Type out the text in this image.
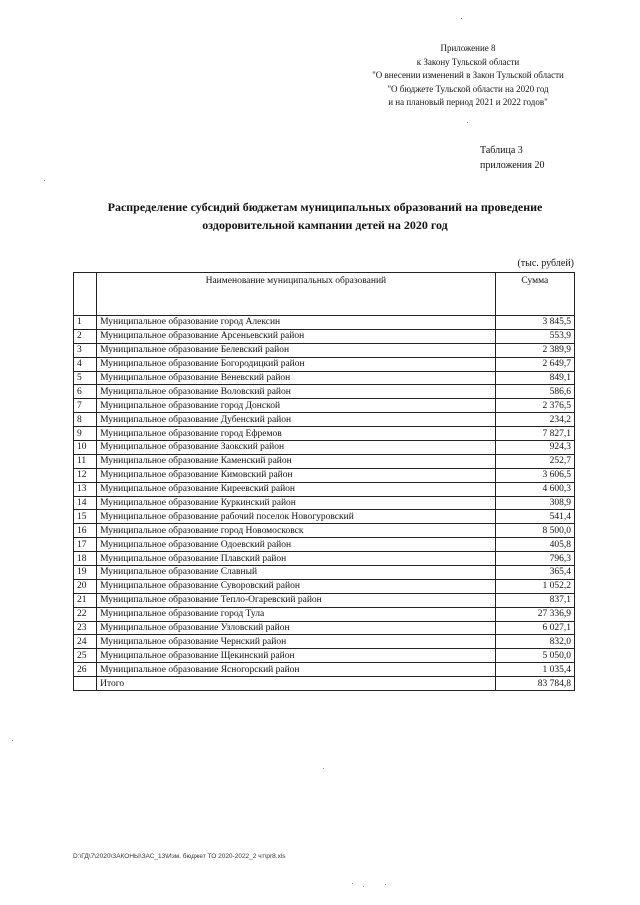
Приложение 8
к Закону Тульской области
"О внесении изменений в Закон Тульской области
"О бюджете Тульской области на 2020 год
и на плановый период 2021 и 2022 годов"
Таблица 3
приложения 20
Распределение субсидий бюджетам муниципальных образований на проведение
оздоровительной кампании детей на 2020 год
(тыс. рублей)
	Наименование муниципальных образований	Сумма
1	Муниципальное образование город Алексин	3 845,5
2	Муниципальное образование Арсеньевский район	553,9
3	Муниципальное образование Белевский район	2 389,9
4	Муниципальное образование Богородицкий район	2 649,7
5	Муниципальное образование Веневский район	849,1
6	Муниципальное образование Воловский район	586,6
7	Муниципальное образование город Донской	2 376,5
8	Муниципальное образование Дубенский район	234,2
9	Муниципальное образование город Ефремов	7 827,1
10	Муниципальное образование Заокский район	924,3
11	Муниципальное образование Каменский район	252,7
12	Муниципальное образование Кимовский район	3 606,5
13	Муниципальное образование Киреевский район	4 600,3
14	Муниципальное образование Куркинский район	308,9
15	Муниципальное образование рабочий поселок Новогуровский	541,4
16	Муниципальное образование город Новомосковск	8 500,0
17	Муниципальное образование Одоевский район	405,8
18	Муниципальное образование Плавский район	796,3
19	Муниципальное образование Славный	365,4
20	Муниципальное образование Суворовский район	1 052,2
21	Муниципальное образование Тепло-Огаревский район	837,1
22	Муниципальное образование город Тула	27 336,9
23	Муниципальное образование Узловский район	6 027,1
24	Муниципальное образование Чернский район	832,0
25	Муниципальное образование Щекинский район	5 050,0
26	Муниципальное образование Ясногорский район	1 035,4
	Итого	83 784,8
D:\ГД\7\2020\ЗАКОНЫ\ЗАС_13\Изм. бюджет ТО 2020-2022_2 чт\pr8.xls
